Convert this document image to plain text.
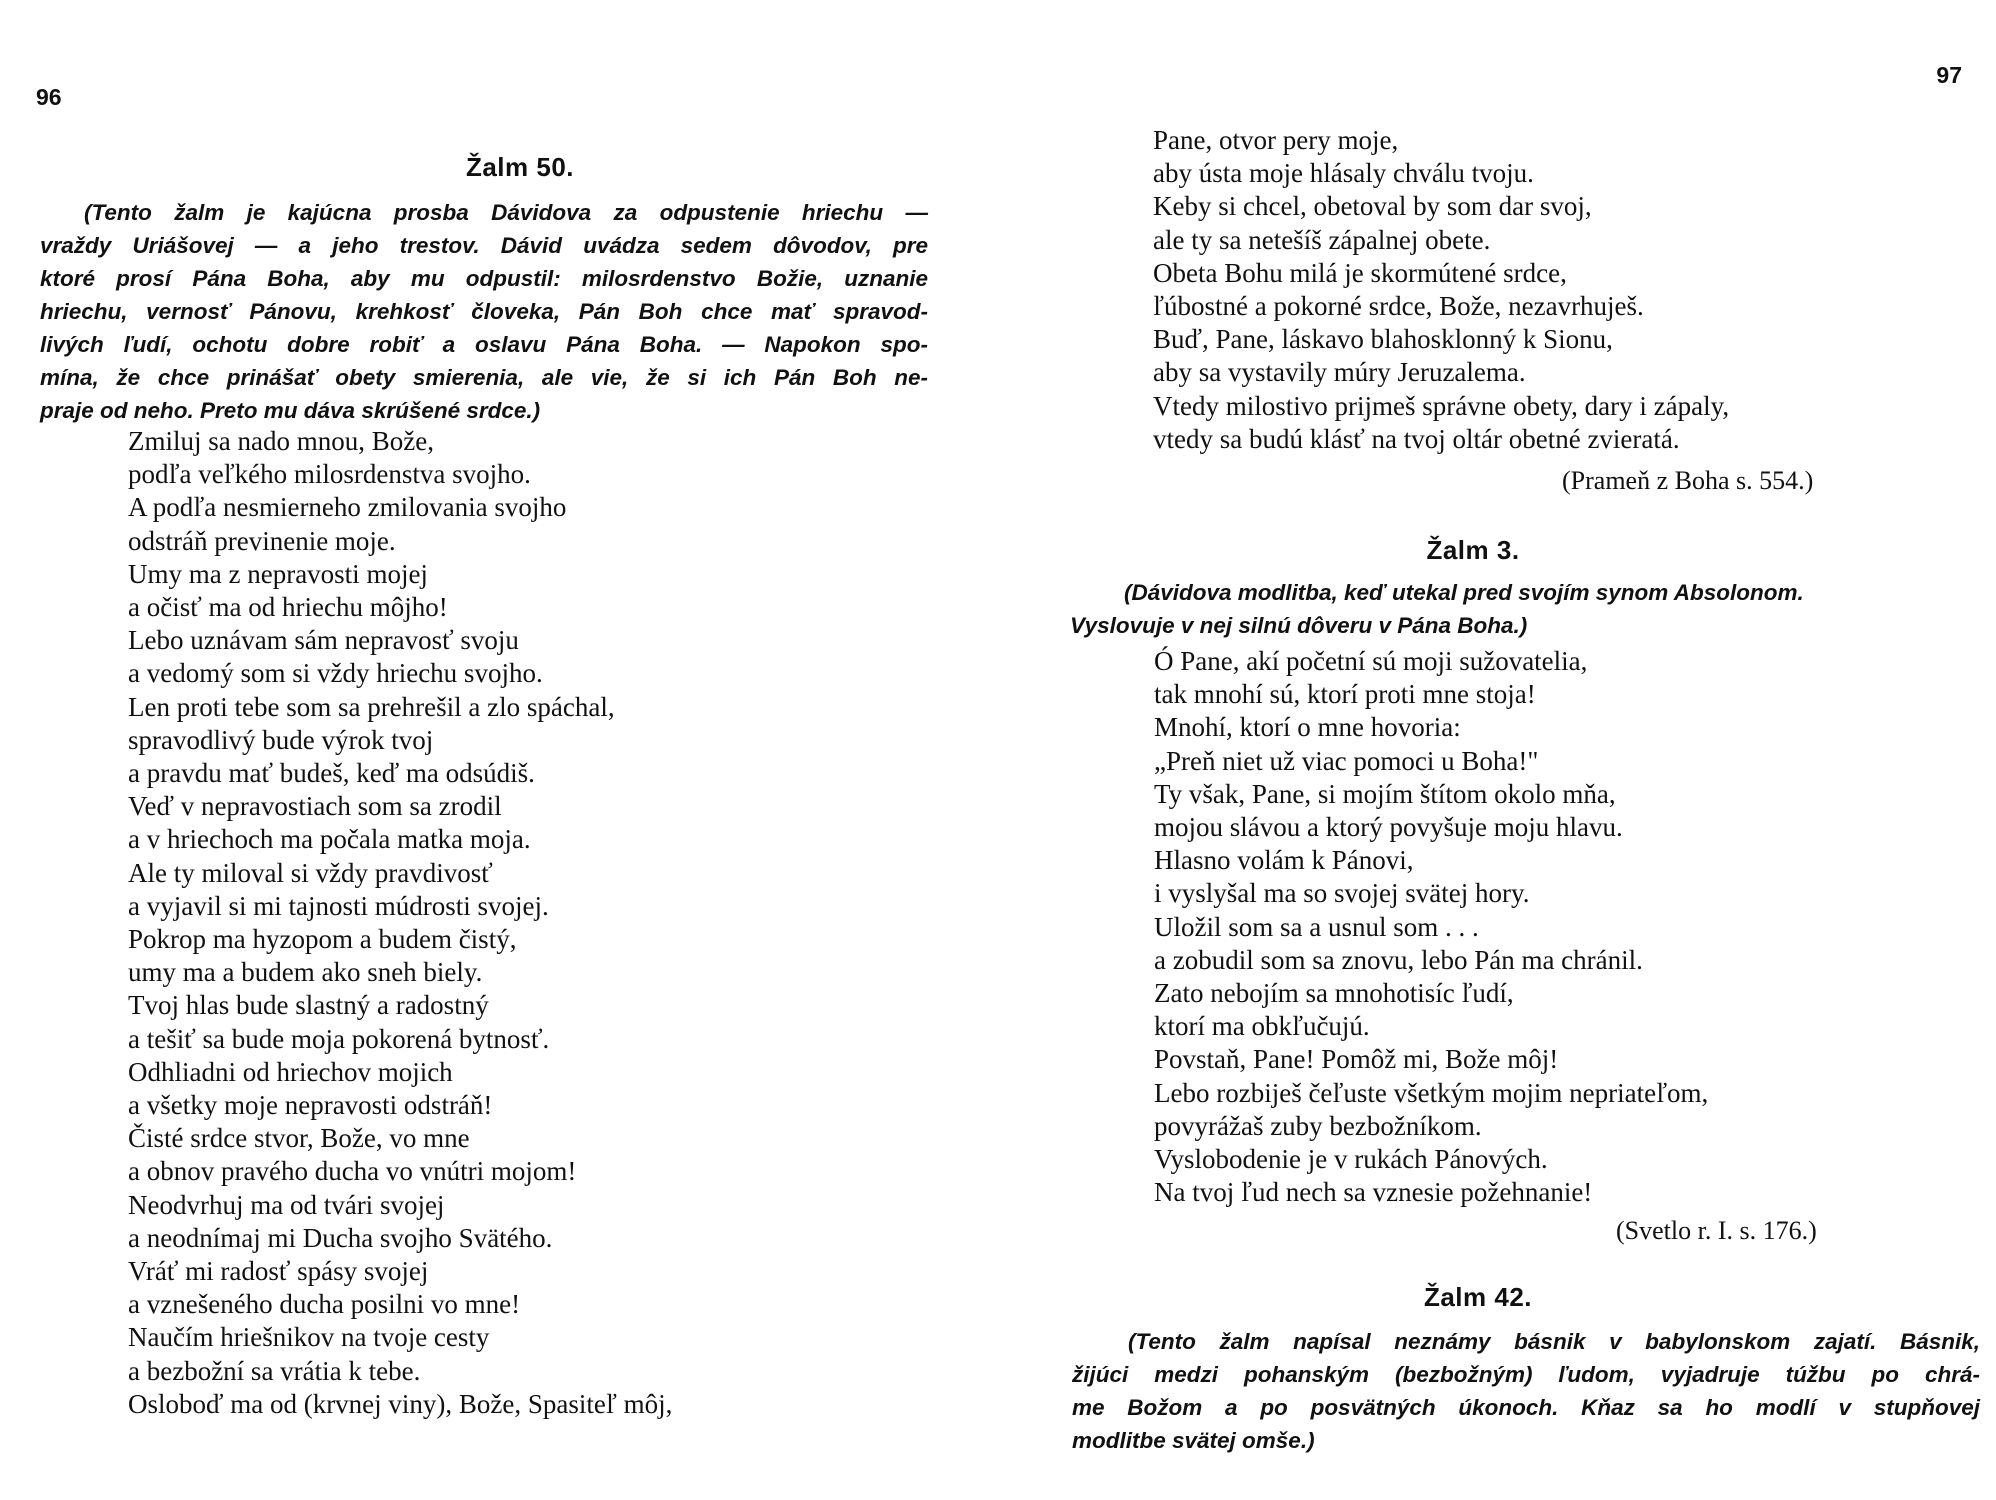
96
Žalm 50.
(Tento žalm je kajúcna prosba Dávidova za odpustenie hriechu —
vraždy Uriášovej — a jeho trestov. Dávid uvádza sedem dôvodov, pre
ktoré prosí Pána Boha, aby mu odpustil: milosrdenstvo Božie, uznanie
hriechu, vernosť Pánovu, krehkosť človeka, Pán Boh chce mať spravod-
livých ľudí, ochotu dobre robiť a oslavu Pána Boha. — Napokon spo-
mína, že chce prinášať obety smierenia, ale vie, že si ich Pán Boh ne-
praje od neho. Preto mu dáva skrúšené srdce.)
Zmiluj sa nado mnou, Bože,
podľa veľkého milosrdenstva svojho.
A podľa nesmierneho zmilovania svojho
odstráň previnenie moje.
Umy ma z nepravosti mojej
a očisť ma od hriechu môjho!
Lebo uznávam sám nepravosť svoju
a vedomý som si vždy hriechu svojho.
Len proti tebe som sa prehrešil a zlo spáchal,
spravodlivý bude výrok tvoj
a pravdu mať budeš, keď ma odsúdiš.
Veď v nepravostiach som sa zrodil
a v hriechoch ma počala matka moja.
Ale ty miloval si vždy pravdivosť
a vyjavil si mi tajnosti múdrosti svojej.
Pokrop ma hyzopom a budem čistý,
umy ma a budem ako sneh biely.
Tvoj hlas bude slastný a radostný
a tešiť sa bude moja pokorená bytnosť.
Odhliadni od hriechov mojich
a všetky moje nepravosti odstráň!
Čisté srdce stvor, Bože, vo mne
a obnov pravého ducha vo vnútri mojom!
Neodvrhuj ma od tvári svojej
a neodnímaj mi Ducha svojho Svätého.
Vráť mi radosť spásy svojej
a vznešeného ducha posilni vo mne!
Naučím hriešnikov na tvoje cesty
a bezbožní sa vrátia k tebe.
Osloboď ma od (krvnej viny), Bože, Spasiteľ môj,
97
Pane, otvor pery moje,
aby ústa moje hlásaly chválu tvoju.
Keby si chcel, obetoval by som dar svoj,
ale ty sa netešíš zápalnej obete.
Obeta Bohu milá je skormútené srdce,
ľúbostné a pokorné srdce, Bože, nezavrhuješ.
Buď, Pane, láskavo blahosklonný k Sionu,
aby sa vystavily múry Jeruzalema.
Vtedy milostivo prijmeš správne obety, dary i zápaly,
vtedy sa budú klásť na tvoj oltár obetné zvieratá.
(Prameň z Boha s. 554.)
Žalm 3.
(Dávidova modlitba, keď utekal pred svojím synom Absolonom.
Vyslovuje v nej silnú dôveru v Pána Boha.)
Ó Pane, akí početní sú moji sužovatelia,
tak mnohí sú, ktorí proti mne stoja!
Mnohí, ktorí o mne hovoria:
„Preň niet už viac pomoci u Boha!"
Ty však, Pane, si mojím štítom okolo mňa,
mojou slávou a ktorý povyšuje moju hlavu.
Hlasno volám k Pánovi,
i vyslyšal ma so svojej svätej hory.
Uložil som sa a usnul som . . .
a zobudil som sa znovu, lebo Pán ma chránil.
Zato nebojím sa mnohotisíc ľudí,
ktorí ma obkľučujú.
Povstaň, Pane! Pomôž mi, Bože môj!
Lebo rozbiješ čeľuste všetkým mojim nepriateľom,
povyrážaš zuby bezbožníkom.
Vyslobodenie je v rukách Pánových.
Na tvoj ľud nech sa vznesie požehnanie!
(Svetlo r. I. s. 176.)
Žalm 42.
(Tento žalm napísal neznámy básnik v babylonskom zajatí. Básnik,
žijúci medzi pohanským (bezbožným) ľudom, vyjadruje túžbu po chrá-
me Božom a po posvätných úkonoch. Kňaz sa ho modlí v stupňovej
modlitbe svätej omše.)
